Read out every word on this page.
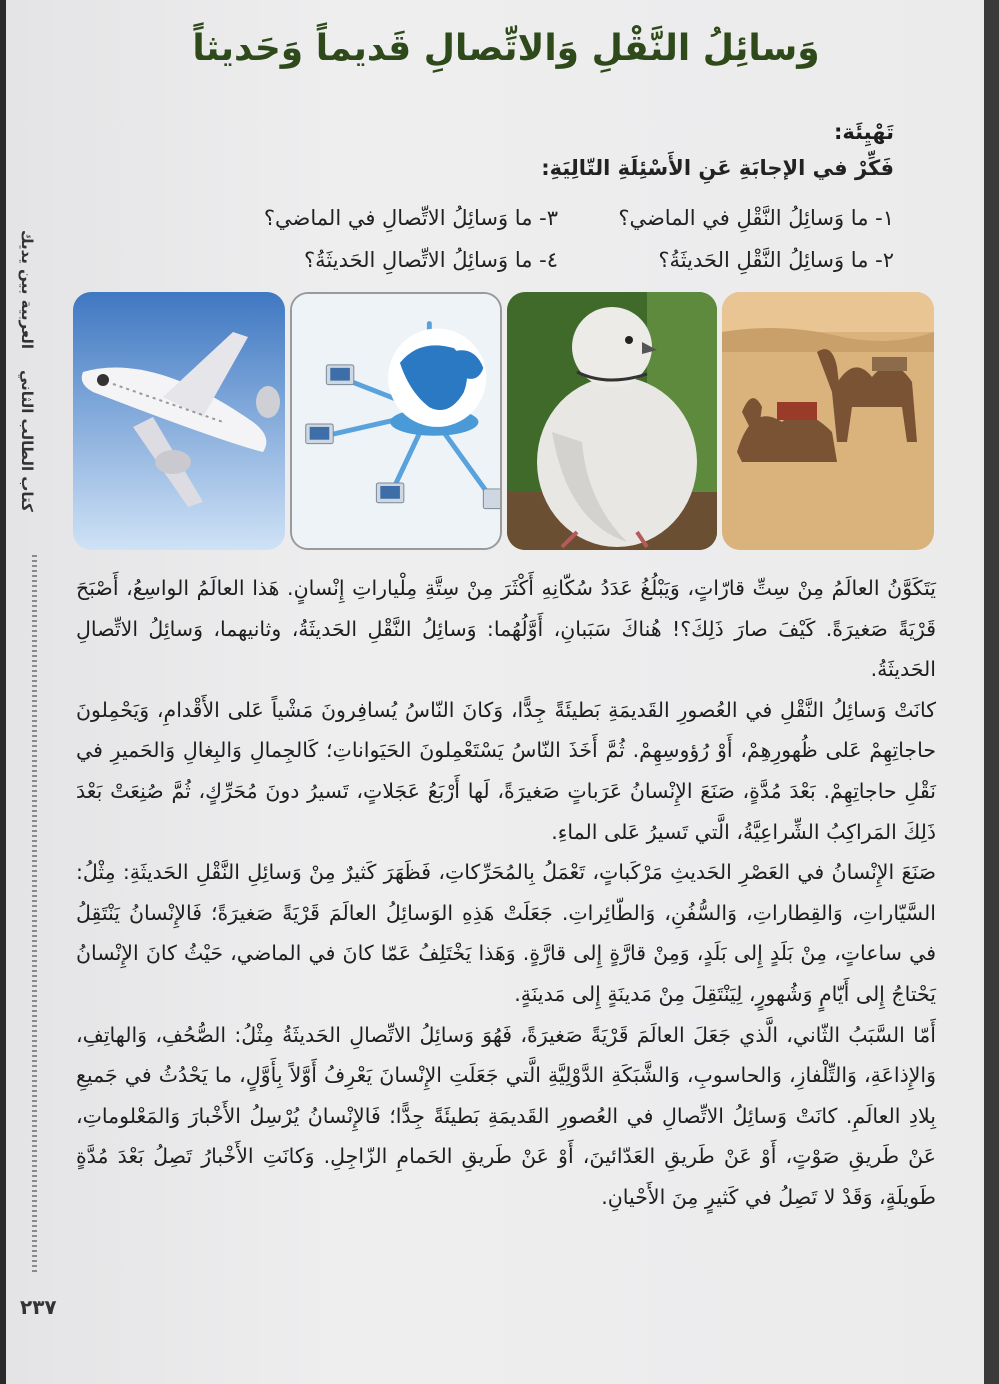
وَسائِلُ النَّقْلِ وَالاتِّصالِ قَديماً وَحَديثاً
تَهْيِئَة:
فَكِّرْ في الإجابَةِ عَنِ الأَسْئِلَةِ التّالِيَةِ:
١- ما وَسائِلُ النَّقْلِ في الماضي؟
٢- ما وَسائِلُ النَّقْلِ الحَديثَةُ؟
٣- ما وَسائِلُ الاتِّصالِ في الماضي؟
٤- ما وَسائِلُ الاتِّصالِ الحَديثَةُ؟

يَتَكَوَّنُ العالَمُ مِنْ سِتِّ قارّاتٍ، وَيَبْلُغُ عَدَدُ سُكّانِهِ أَكْثَرَ مِنْ سِتَّةِ مِلْياراتِ إِنْسانٍ. هَذا العالَمُ الواسِعُ، أَصْبَحَ قَرْيَةً صَغيرَةً. كَيْفَ صارَ ذَلِكَ؟! هُناكَ سَبَبانِ، أَوَّلُهُما: وَسائِلُ النَّقْلِ الحَديثَةُ، وثانيهما، وَسائِلُ الاتِّصالِ الحَديثَةُ.

كانَتْ وَسائِلُ النَّقْلِ في العُصورِ القَديمَةِ بَطيئَةً جِدًّا، وَكانَ النّاسُ يُسافِرونَ مَشْياً عَلى الأَقْدامِ، وَيَحْمِلونَ حاجاتِهِمْ عَلى ظُهورِهِمْ، أَوْ رُؤوسِهِمْ. ثُمَّ أَخَذَ النّاسُ يَسْتَعْمِلونَ الحَيَواناتِ؛ كَالجِمالِ وَالبِغالِ وَالحَميرِ في نَقْلِ حاجاتِهِمْ. بَعْدَ مُدَّةٍ، صَنَعَ الإِنْسانُ عَرَباتٍ صَغيرَةً، لَها أَرْبَعُ عَجَلاتٍ، تَسيرُ دونَ مُحَرِّكٍ، ثُمَّ صُنِعَتْ بَعْدَ ذَلِكَ المَراكِبُ الشِّراعِيَّةُ، الَّتي تَسيرُ عَلى الماءِ.

صَنَعَ الإِنْسانُ في العَصْرِ الحَديثِ مَرْكَباتٍ، تَعْمَلُ بِالمُحَرِّكاتِ، فَظَهَرَ كَثيرٌ مِنْ وَسائِلِ النَّقْلِ الحَديثَةِ: مِثْلُ: السَّيّاراتِ، وَالقِطاراتِ، وَالسُّفُنِ، وَالطّائِراتِ. جَعَلَتْ هَذِهِ الوَسائِلُ العالَمَ قَرْيَةً صَغيرَةً؛ فَالإِنْسانُ يَنْتَقِلُ في ساعاتٍ، مِنْ بَلَدٍ إِلى بَلَدٍ، وَمِنْ قارَّةٍ إِلى قارَّةٍ. وَهَذا يَخْتَلِفُ عَمّا كانَ في الماضي، حَيْثُ كانَ الإِنْسانُ يَحْتاجُ إِلى أَيّامٍ وَشُهورٍ، لِيَنْتَقِلَ مِنْ مَدينَةٍ إِلى مَدينَةٍ.

أَمّا السَّبَبُ الثّاني، الَّذي جَعَلَ العالَمَ قَرْيَةً صَغيرَةً، فَهُوَ وَسائِلُ الاتِّصالِ الحَديثَةُ مِثْلُ: الصُّحُفِ، وَالهاتِفِ، وَالإِذاعَةِ، وَالتِّلْفازِ، وَالحاسوبِ، وَالشَّبَكَةِ الدَّوْلِيَّةِ الَّتي جَعَلَتِ الإِنْسانَ يَعْرِفُ أَوَّلاً بِأَوَّلٍ، ما يَحْدُثُ في جَميعِ بِلادِ العالَمِ. كانَتْ وَسائِلُ الاتِّصالِ في العُصورِ القَديمَةِ بَطيئَةً جِدًّا؛ فَالإِنْسانُ يُرْسِلُ الأَخْبارَ وَالمَعْلوماتِ، عَنْ طَريقِ صَوْتٍ، أَوْ عَنْ طَريقِ العَدّائينَ، أَوْ عَنْ طَريقِ الحَمامِ الزّاجِلِ. وَكانَتِ الأَخْبارُ تَصِلُ بَعْدَ مُدَّةٍ طَويلَةٍ، وَقَدْ لا تَصِلُ في كَثيرٍ مِنَ الأَحْيانِ.

العربية بين يديك
كتاب الطالب الثاني
٢٣٧
